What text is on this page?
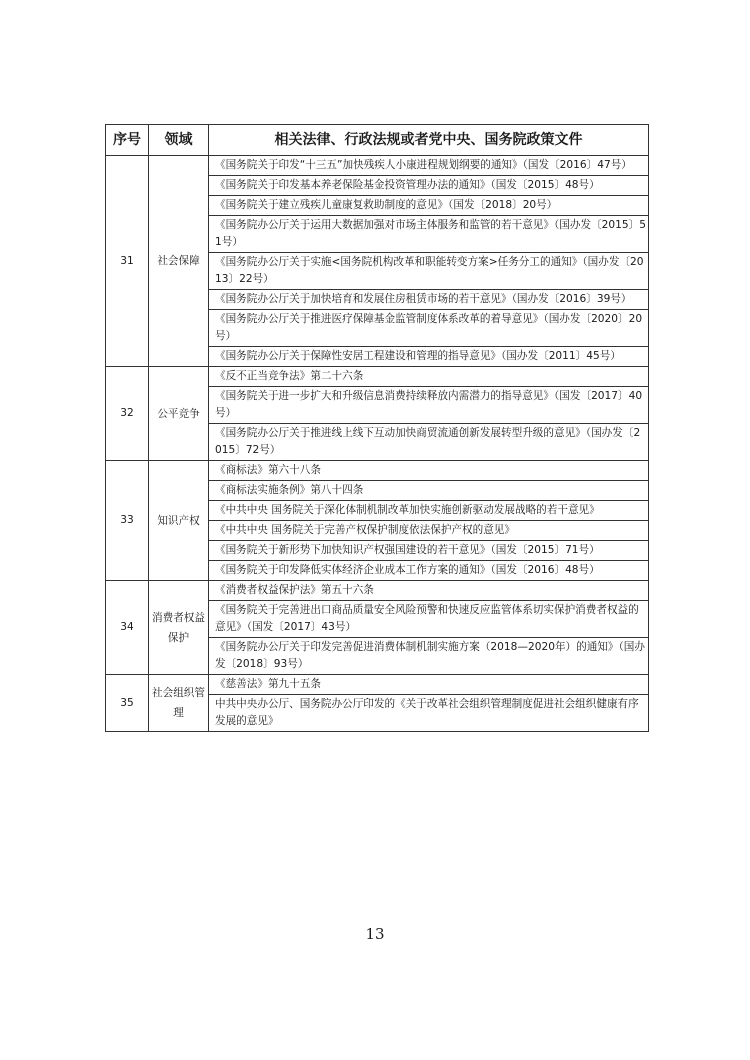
序号	领域	相关法律、行政法规或者党中央、国务院政策文件
31	社会保障	《国务院关于印发“十三五”加快残疾人小康进程规划纲要的通知》（国发〔2016〕47号）
		《国务院关于印发基本养老保险基金投资管理办法的通知》（国发〔2015〕48号）
		《国务院关于建立残疾儿童康复救助制度的意见》（国发〔2018〕20号）
		《国务院办公厅关于运用大数据加强对市场主体服务和监管的若干意见》（国办发〔2015〕51号）
		《国务院办公厅关于实施<国务院机构改革和职能转变方案>任务分工的通知》（国办发〔2013〕22号）
		《国务院办公厅关于加快培育和发展住房租赁市场的若干意见》（国办发〔2016〕39号）
		《国务院办公厅关于推进医疗保障基金监管制度体系改革的着导意见》（国办发〔2020〕20号）
		《国务院办公厅关于保障性安居工程建设和管理的指导意见》（国办发〔2011〕45号）
32	公平竞争	《反不正当竞争法》第二十六条
		《国务院关于进一步扩大和升级信息消费持续释放内需潜力的指导意见》（国发〔2017〕40号）
		《国务院办公厅关于推进线上线下互动加快商贸流通创新发展转型升级的意见》（国办发〔2015〕72号）
33	知识产权	《商标法》第六十八条
		《商标法实施条例》第八十四条
		《中共中央 国务院关于深化体制机制改革加快实施创新驱动发展战略的若干意见》
		《中共中央 国务院关于完善产权保护制度依法保护产权的意见》
		《国务院关于新形势下加快知识产权强国建设的若干意见》（国发〔2015〕71号）
		《国务院关于印发降低实体经济企业成本工作方案的通知》（国发〔2016〕48号）
34	消费者权益保护	《消费者权益保护法》第五十六条
		《国务院关于完善进出口商品质量安全风险预警和快速反应监管体系切实保护消费者权益的意见》（国发〔2017〕43号）
		《国务院办公厅关于印发完善促进消费体制机制实施方案（2018—2020年）的通知》（国办发〔2018〕93号）
35	社会组织管理	《慈善法》第九十五条
		中共中央办公厅、国务院办公厅印发的《关于改革社会组织管理制度促进社会组织健康有序发展的意见》
13
